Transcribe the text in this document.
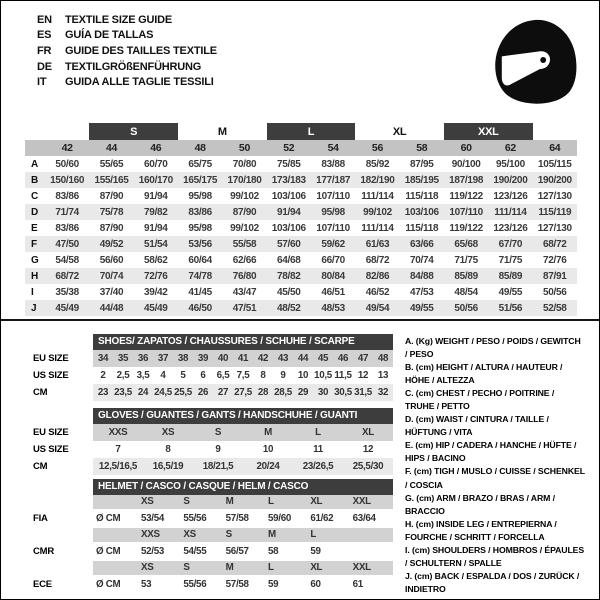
EN	TEXTILE SIZE GUIDE
ES	GUÍA DE TALLAS
FR	GUIDE DES TAILLES TEXTILE
DE	TEXTILGRÖßENFÜHRUNG
IT	GUIDA ALLE TAGLIE TESSILI
		S		M		L		XL		XXL		
	42	44	46	48	50	52	54	56	58	60	62	64
A	50/60	55/65	60/70	65/75	70/80	75/85	83/88	85/92	87/95	90/100	95/100	105/115
B	150/160	155/165	160/170	165/175	170/180	173/183	177/187	182/190	185/195	187/198	190/200	190/200
C	83/86	87/90	91/94	95/98	99/102	103/106	107/110	111/114	115/118	119/122	123/126	127/130
D	71/74	75/78	79/82	83/86	87/90	91/94	95/98	99/102	103/106	107/110	111/114	115/119
E	83/86	87/90	91/94	95/98	99/102	103/106	107/110	111/114	115/118	119/122	123/126	127/130
F	47/50	49/52	51/54	53/56	55/58	57/60	59/62	61/63	63/66	65/68	67/70	68/72
G	54/58	56/60	58/62	60/64	62/66	64/68	66/70	68/72	70/74	71/75	71/75	72/76
H	68/72	70/74	72/76	74/78	76/80	78/82	80/84	82/86	84/88	85/89	85/89	87/91
I	35/38	37/40	39/42	41/45	43/47	45/50	46/51	46/52	47/53	48/54	49/55	50/56
J	45/49	44/48	45/49	46/50	47/51	48/52	48/53	49/54	49/55	50/56	51/56	52/58
SHOES/ ZAPATOS / CHAUSSURES / SCHUHE / SCARPE
EU SIZE	34 35 36 37 38 39 40 41 42 43 44 45 46 47 48
US SIZE	2	2,5 3,5	4	5	6	6,5 7,5	8	9	10 10,5 11,5 12 13
CM	23 23,5 24 24,5 25,5 26 27 27,5 28 28,5 29 30 30,5 31,5 32
GLOVES / GUANTES / GANTS / HANDSCHUHE / GUANTI
EU SIZE	XXS	XS	S	M	L	XL
US SIZE	7	8	9	10	11	12
CM	12,5/16,5	16,5/19	18/21,5	20/24	23/26,5	25,5/30
HELMET / CASCO / CASQUE / HELM / CASCO
XS	S	M	L	XL	XXL
FIA	Ø CM	53/54	55/56	57/58	59/60	61/62	63/64
XXS	XS	S	M	L
CMR	Ø CM	52/53	54/55	56/57	58	59
XS	S	M	L	XL	XXL
ECE	Ø CM	53	55/56	57/58	59	60	61
A. (Kg) WEIGHT / PESO / POIDS / GEWITCH / PESO
B. (cm) HEIGHT / ALTURA / HAUTEUR / HÖHE / ALTEZZA
C. (cm) CHEST / PECHO / POITRINE / TRUHE / PETTO
D. (cm) WAIST / CINTURA / TAILLE / HÜFTUNG / VITA
E. (cm) HIP / CADERA / HANCHE / HÜFTE / HIPS / BACINO
F. (cm) TIGH / MUSLO / CUISSE / SCHENKEL / COSCIA
G. (cm) ARM / BRAZO / BRAS / ARM / BRACCIO
H. (cm) INSIDE LEG / ENTREPIERNA / FOURCHE / SCHRITT / FORCELLA
I. (cm) SHOULDERS / HOMBROS / ÉPAULES / SCHULTERN / SPALLE
J. (cm) BACK / ESPALDA / DOS / ZURÜCK / INDIETRO
